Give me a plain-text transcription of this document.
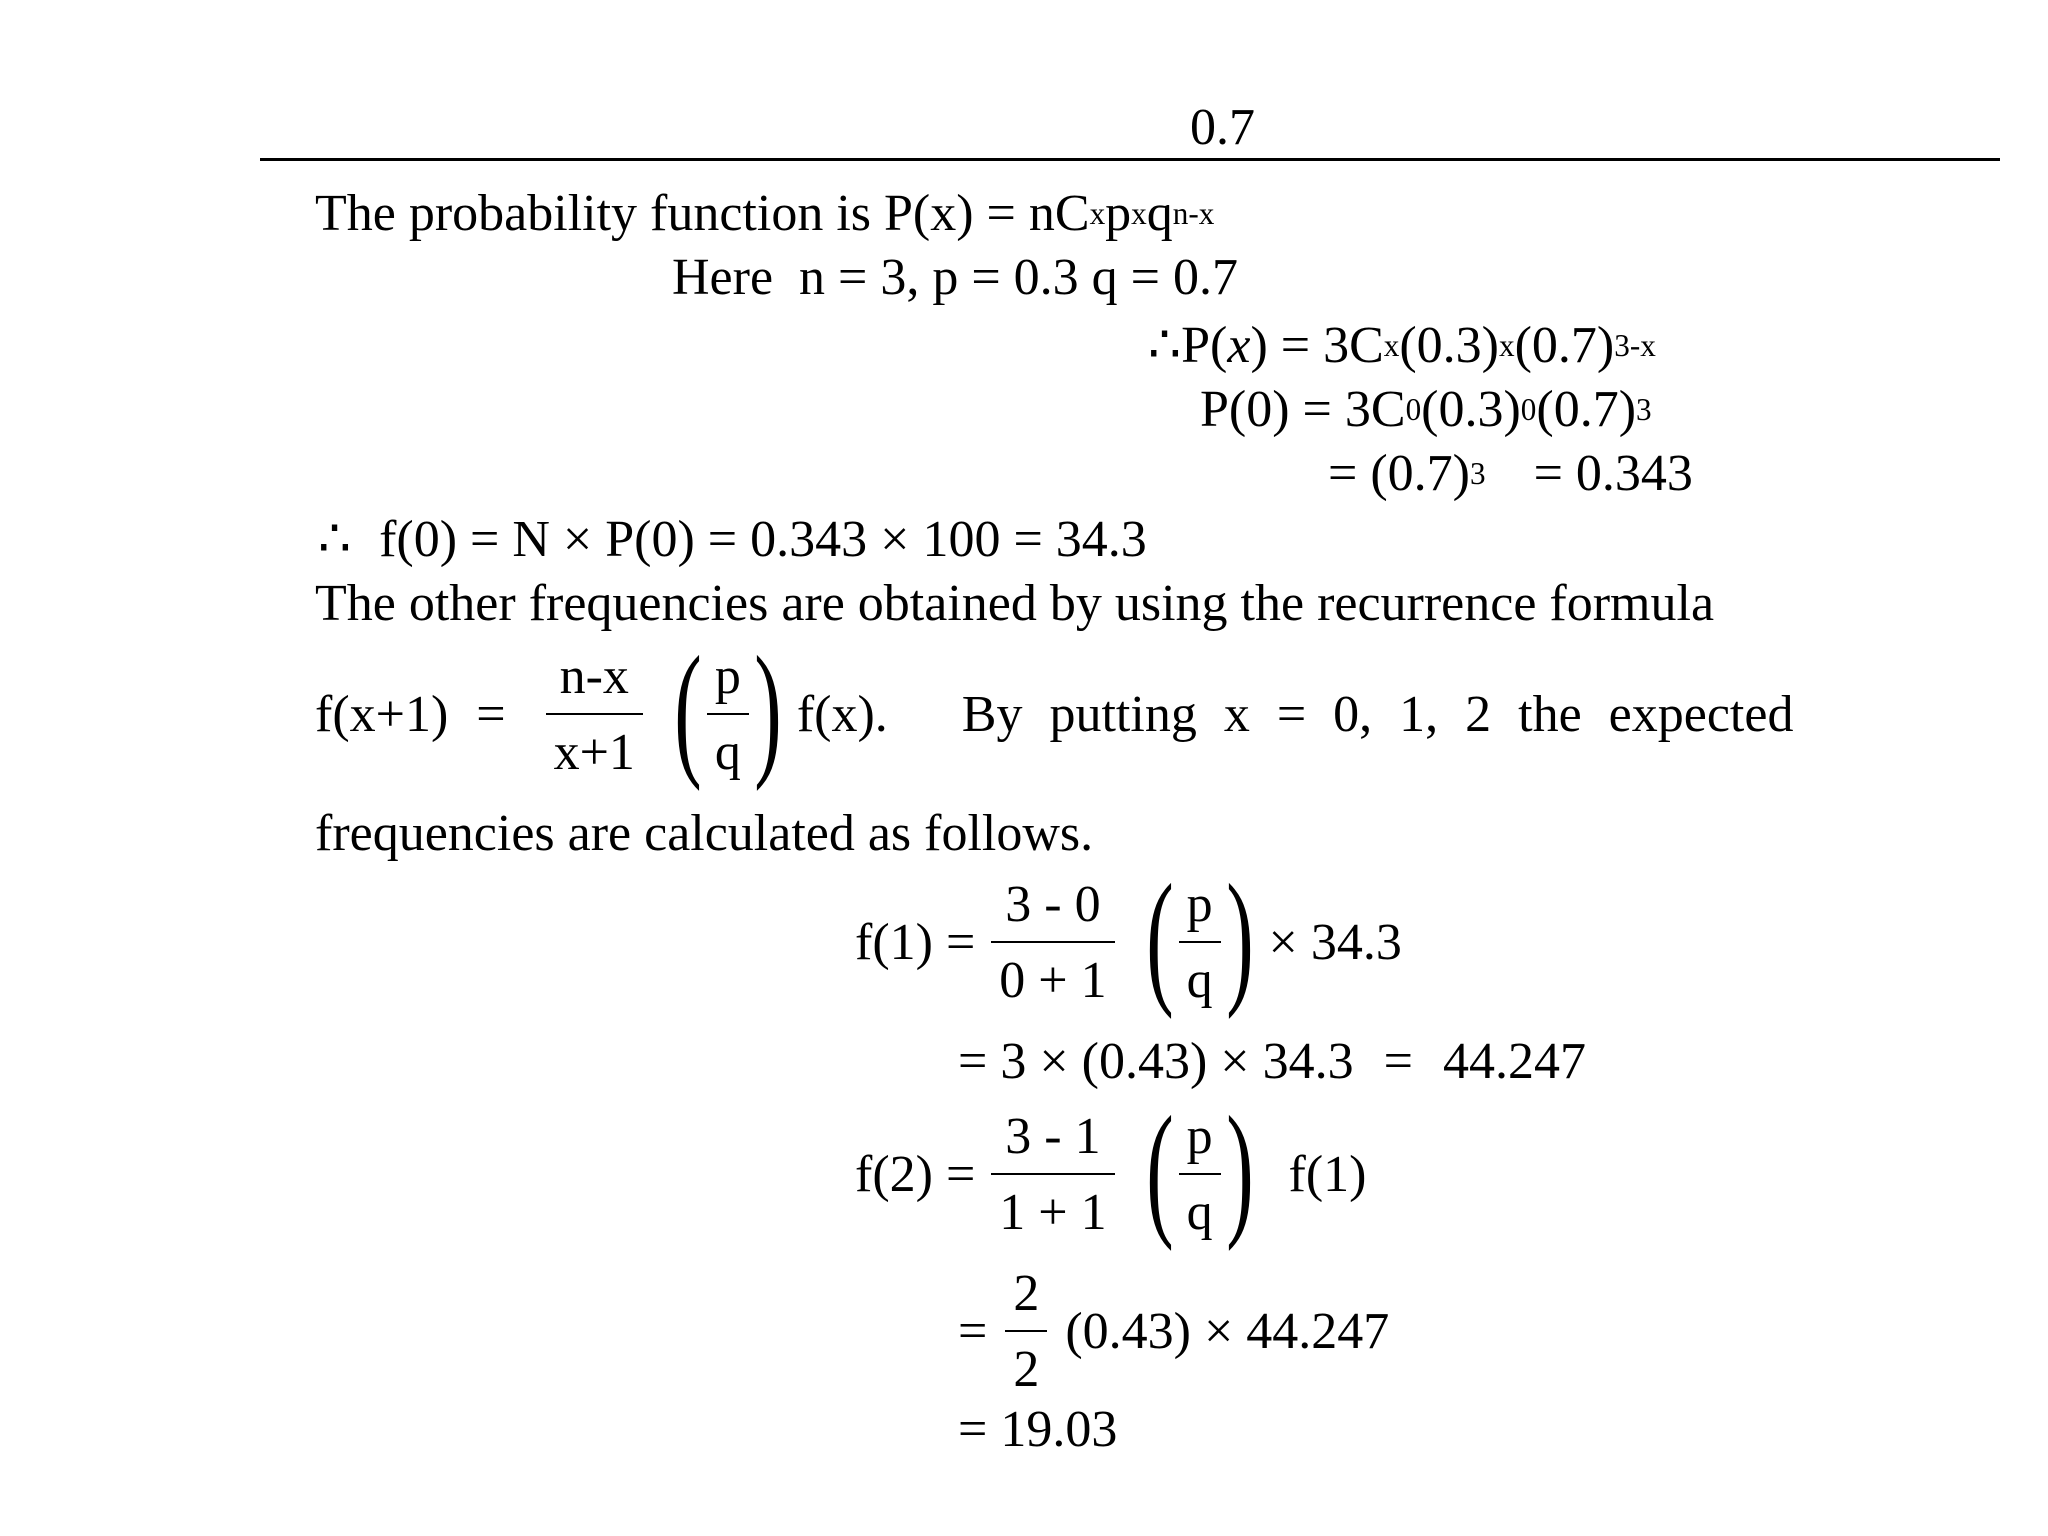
0.7
The probability function is P(x) = nC x p x q n-x
Here  n = 3, p = 0.3 q = 0.7
∴ P( x ) = 3C x (0.3) x (0.7) 3-x
P(0) = 3C 0 (0.3) 0 (0.7) 3
= (0.7) 3 = 0.343
∴ f(0) = N × P(0) = 0.343 × 100 = 34.3
The other frequencies are obtained by using the recurrence formula
$f(x+1) = \frac{n-x}{x+1}$ ( $\frac{p}{q}$ ) f(x). By putting x = 0, 1, 2 the expected
frequencies are calculated as follows.
$f(1) = \frac{3 - 0}{0 + 1}$ ( $\frac{p}{q}$ ) × 34.3
= 3 × (0.43) × 34.3 = 44.247
$f(2) = \frac{3 - 1}{1 + 1}$ ( $\frac{p}{q}$ ) f(1)
= $\frac{2}{2} (0.43) \times 44.247$
= 19.03
